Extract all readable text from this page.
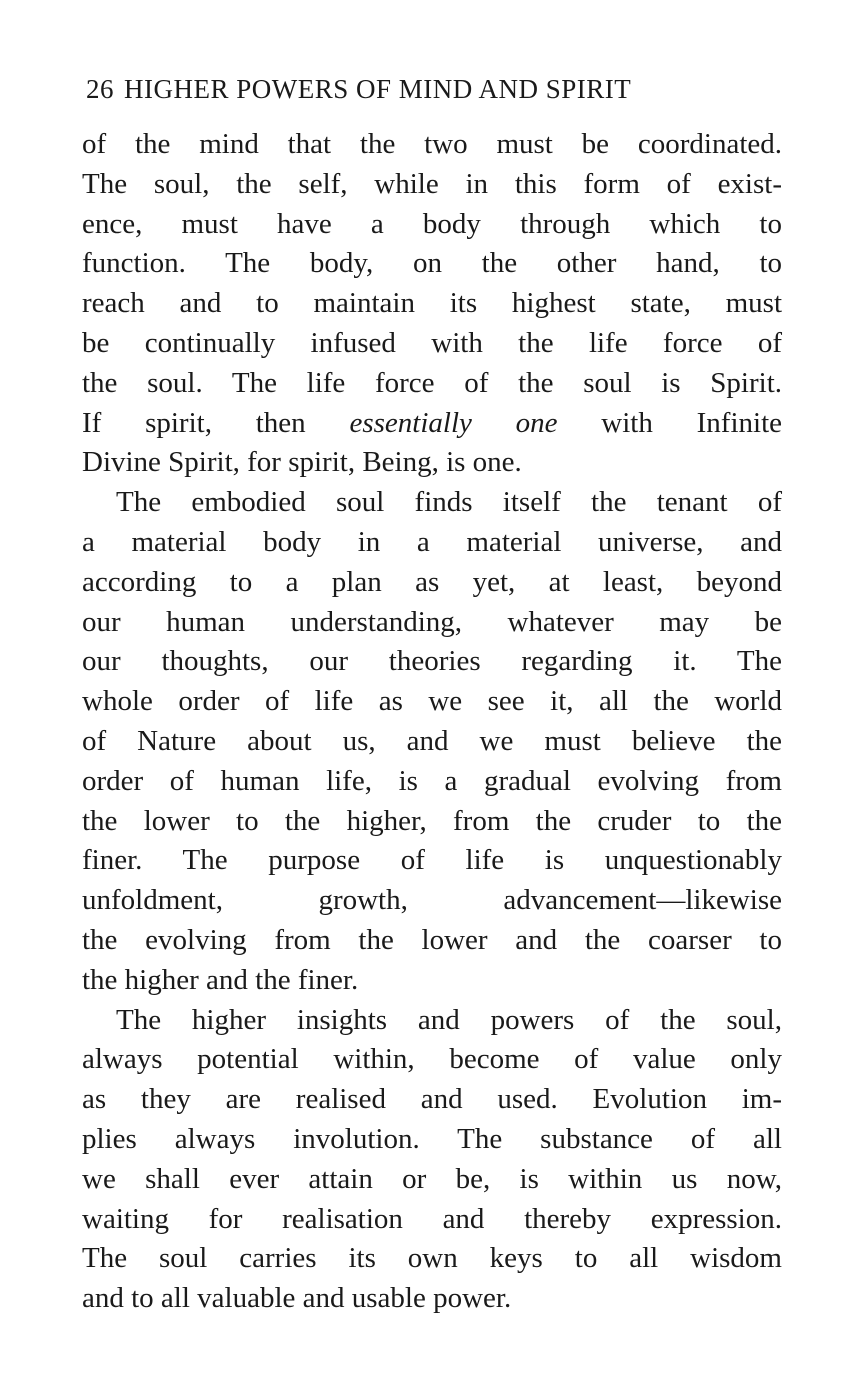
26 HIGHER POWERS OF MIND AND SPIRIT
of the mind that the two must be coordinated.
The soul, the self, while in this form of exist-
ence, must have a body through which to
function. The body, on the other hand, to
reach and to maintain its highest state, must
be continually infused with the life force of
the soul. The life force of the soul is Spirit.
If spirit, then essentially one with Infinite
Divine Spirit, for spirit, Being, is one.
The embodied soul finds itself the tenant of
a material body in a material universe, and
according to a plan as yet, at least, beyond
our human understanding, whatever may be
our thoughts, our theories regarding it. The
whole order of life as we see it, all the world
of Nature about us, and we must believe the
order of human life, is a gradual evolving from
the lower to the higher, from the cruder to the
finer. The purpose of life is unquestionably
unfoldment, growth, advancement—likewise
the evolving from the lower and the coarser to
the higher and the finer.
The higher insights and powers of the soul,
always potential within, become of value only
as they are realised and used. Evolution im-
plies always involution. The substance of all
we shall ever attain or be, is within us now,
waiting for realisation and thereby expression.
The soul carries its own keys to all wisdom
and to all valuable and usable power.
